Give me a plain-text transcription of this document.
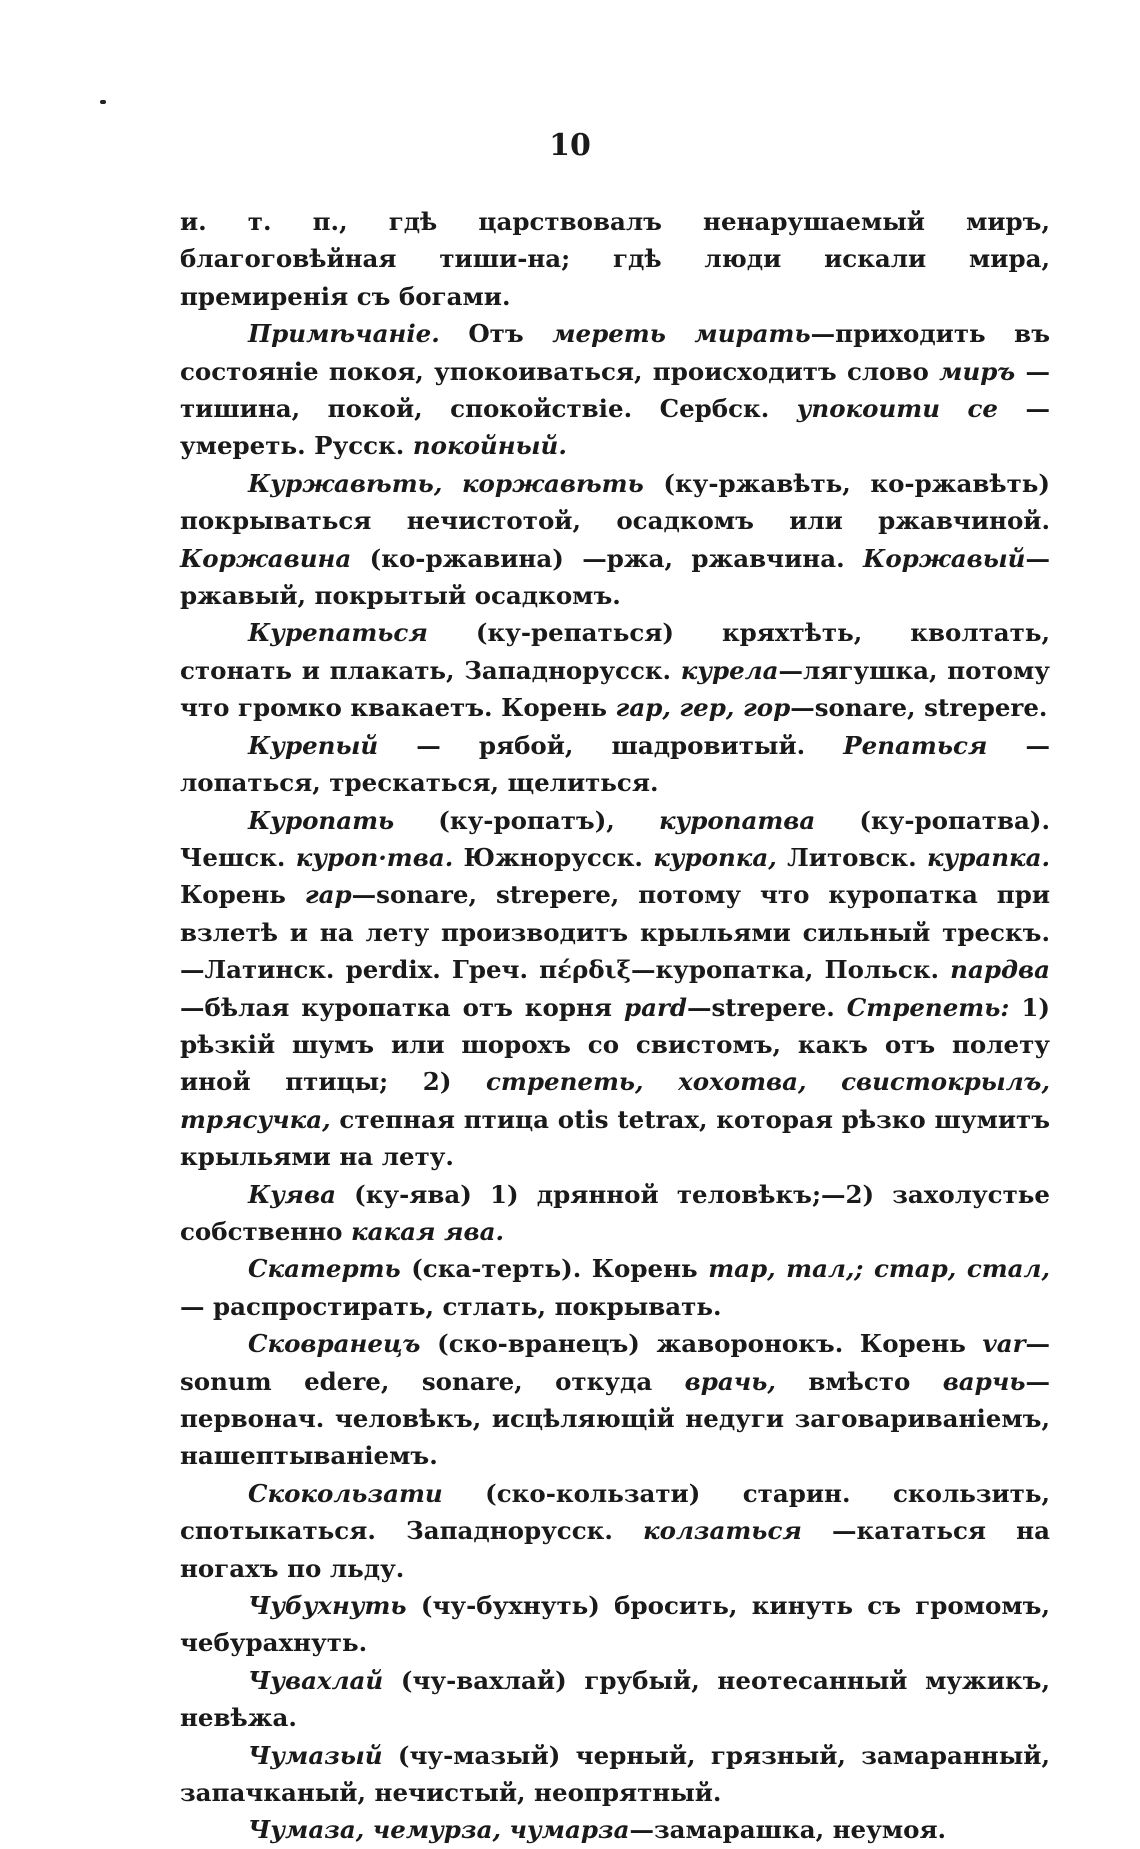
10

и. т. п., гдѣ царствовалъ ненарушаемый миръ, благоговѣйная тиши-на; гдѣ люди искали мира, премиренія съ богами.

Примѣчаніе. Отъ мереть мирать—приходить въ состояніе покоя, упокоиваться, происходитъ слово миръ —тишина, покой, спокойствіе. Сербск. упокоити се —умереть. Русск. покойный.

Куржавѣть, коржавѣть (ку-ржавѣть, ко-ржавѣть) покрываться нечистотой, осадкомъ или ржавчиной. Коржавина (ко-ржавина) —ржа, ржавчина. Коржавый—ржавый, покрытый осадкомъ.

Курепаться (ку-репаться) кряхтѣть, кволтать, стонать и плакать, Западнорусск. курела—лягушка, потому что громко квакаетъ. Корень гар, гер, гор—sonare, strepere.

Курепый — рябой, шадровитый. Репаться — лопаться, трескаться, щелиться.

Куропать (ку-ропатъ), куропатва (ку-ропатва). Чешск. куроп·тва. Южнорусск. куропка, Литовск. курапка. Корень гар—sonare, strepere, потому что куропатка при взлетѣ и на лету производитъ крыльями сильный трескъ.—Латинск. perdix. Греч. πέρδιξ—куропатка, Польск. пардва—бѣлая куропатка отъ корня pard—strepere. Стрепеть: 1) рѣзкій шумъ или шорохъ со свистомъ, какъ отъ полету иной птицы; 2) стрепеть, хохотва, свистокрылъ, трясучка, степная птица otis tetrax, которая рѣзко шумитъ крыльями на лету.

Кyява (ку-ява) 1) дрянной теловѣкъ;—2) захолустье собственно какая ява.

Скатерть (ска-терть). Корень тар, тал,; стар, стал, — распростирать, стлать, покрывать.

Сковранецъ (ско-вранецъ) жаворонокъ. Корень var—sonum edere, sonare, откуда врачь, вмѣсто варчь—первонач. человѣкъ, исцѣляющій недуги заговариваніемъ, нашептываніемъ.

Скокользати (ско-кользати) старин. скользить, спотыкаться. Западнорусск. колзаться —кататься на ногахъ по льду.

Чубухнуть (чу-бухнуть) бросить, кинуть съ громомъ, чебурахнуть.

Чувахлай (чу-вахлай) грубый, неотесанный мужикъ, невѣжа.

Чумазый (чу-мазый) черный, грязный, замаранный, запачканый, нечистый, неопрятный.

Чумаза, чемурза, чумарза—замарашка, неумоя.
